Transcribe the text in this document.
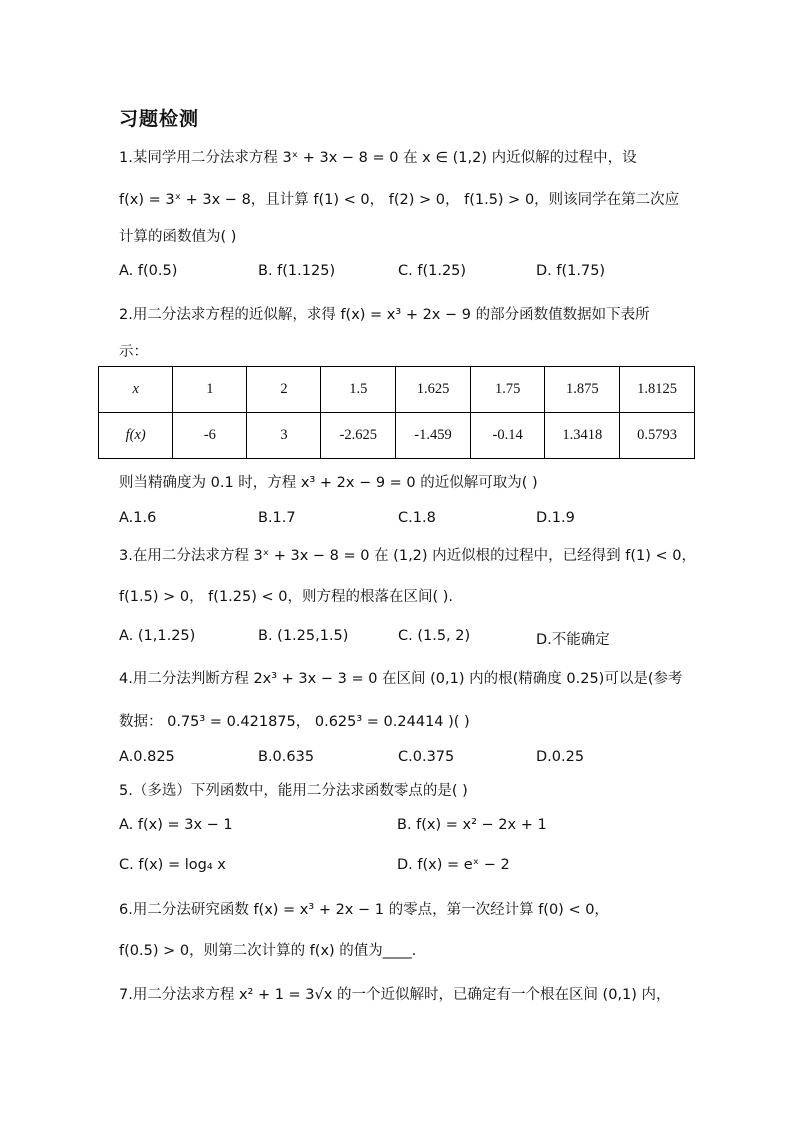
习题检测
1.某同学用二分法求方程 3ˣ + 3x − 8 = 0 在 x ∈ (1,2) 内近似解的过程中，设
f(x) = 3ˣ + 3x − 8，且计算 f(1) < 0， f(2) > 0， f(1.5) > 0，则该同学在第二次应
计算的函数值为( )
A. f(0.5)	B. f(1.125)	C. f(1.25)	D. f(1.75)
2.用二分法求方程的近似解，求得 f(x) = x³ + 2x − 9 的部分函数值数据如下表所
示：
x	1	2	1.5	1.625	1.75	1.875	1.8125
f(x)	-6	3	-2.625	-1.459	-0.14	1.3418	0.5793
则当精确度为 0.1 时，方程 x³ + 2x − 9 = 0 的近似解可取为( )
A.1.6	B.1.7	C.1.8	D.1.9
3.在用二分法求方程 3ˣ + 3x − 8 = 0 在 (1,2) 内近似根的过程中，已经得到 f(1) < 0，
f(1.5) > 0， f(1.25) < 0，则方程的根落在区间( ).
A. (1,1.25)	B. (1.25,1.5)	C. (1.5, 2)	D.不能确定
4.用二分法判断方程 2x³ + 3x − 3 = 0 在区间 (0,1) 内的根(精确度 0.25)可以是(参考
数据： 0.75³ = 0.421875， 0.625³ = 0.24414 )( )
A.0.825	B.0.635	C.0.375	D.0.25
5.（多选）下列函数中，能用二分法求函数零点的是( )
A. f(x) = 3x − 1	B. f(x) = x² − 2x + 1
C. f(x) = log₄ x	D. f(x) = eˣ − 2
6.用二分法研究函数 f(x) = x³ + 2x − 1 的零点，第一次经计算 f(0) < 0，
f(0.5) > 0，则第二次计算的 f(x) 的值为____.
7.用二分法求方程 x² + 1 = 3√x 的一个近似解时，已确定有一个根在区间 (0,1) 内，
